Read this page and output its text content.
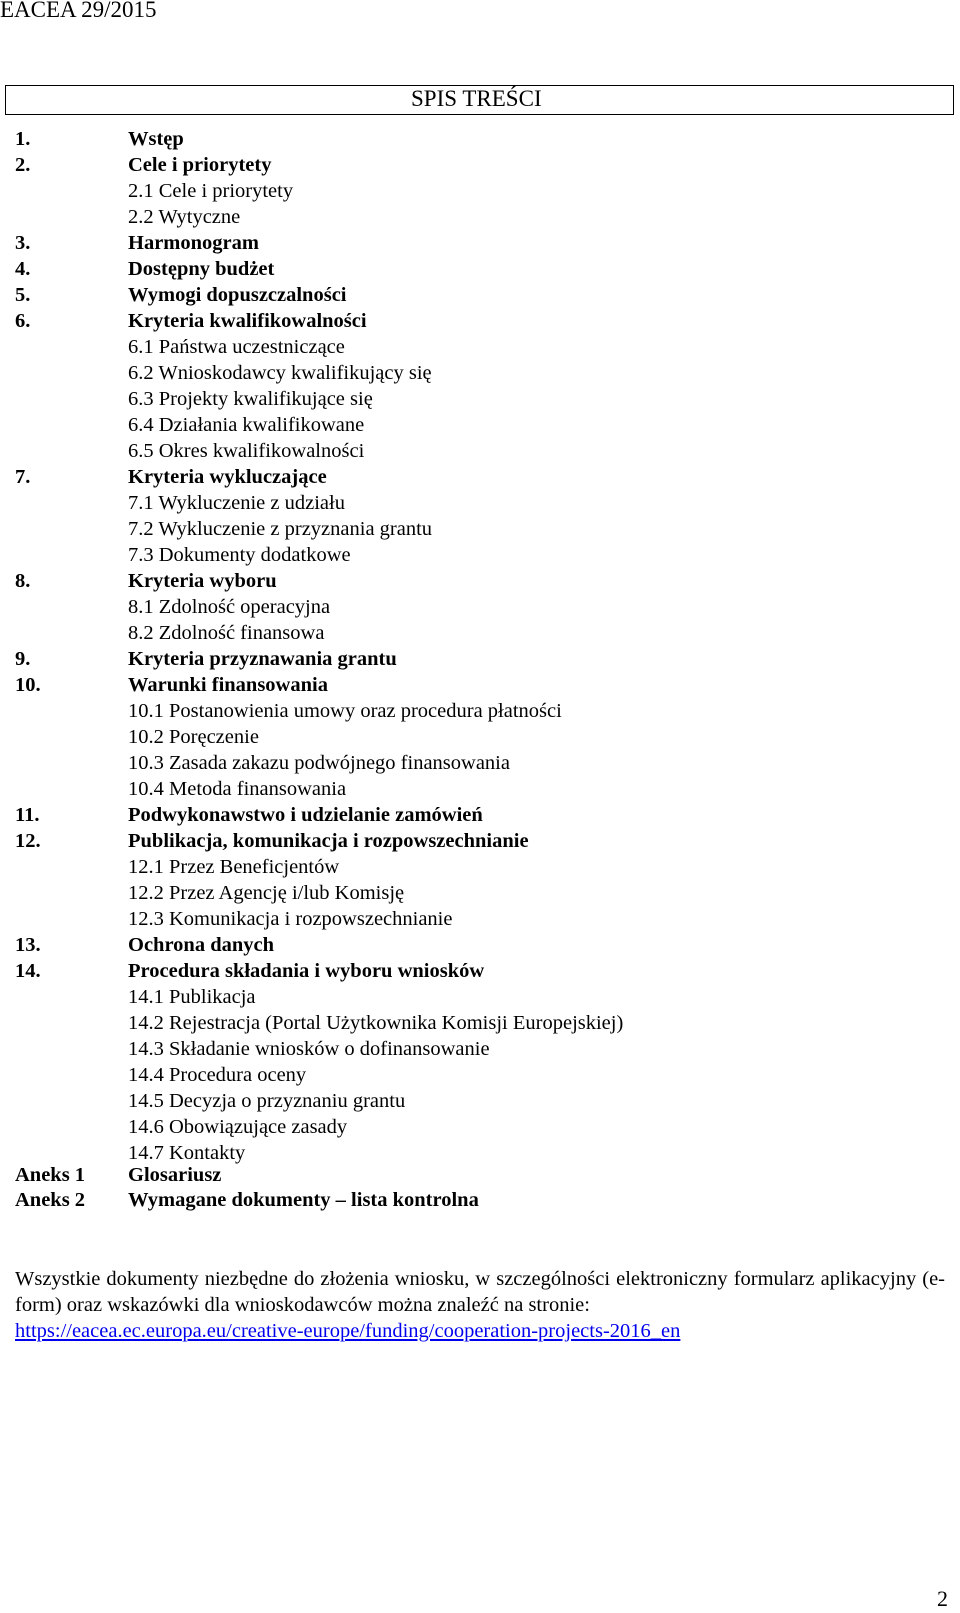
EACEA 29/2015
SPIS TREŚCI
1.	Wstęp
2.	Cele i priorytety
2.1 Cele i priorytety
2.2 Wytyczne
3.	Harmonogram
4.	Dostępny budżet
5.	Wymogi dopuszczalności
6.	Kryteria kwalifikowalności
6.1 Państwa uczestniczące
6.2 Wnioskodawcy kwalifikujący się
6.3 Projekty kwalifikujące się
6.4 Działania kwalifikowane
6.5 Okres kwalifikowalności
7.	Kryteria wykluczające
7.1 Wykluczenie z udziału
7.2 Wykluczenie z przyznania grantu
7.3 Dokumenty dodatkowe
8.	Kryteria wyboru
8.1 Zdolność operacyjna
8.2 Zdolność finansowa
9.	Kryteria przyznawania grantu
10.	Warunki finansowania
10.1 Postanowienia umowy oraz procedura płatności
10.2 Poręczenie
10.3 Zasada zakazu podwójnego finansowania
10.4 Metoda finansowania
11.	Podwykonawstwo i udzielanie zamówień
12.	Publikacja, komunikacja i rozpowszechnianie
12.1 Przez Beneficjentów
12.2 Przez Agencję i/lub Komisję
12.3 Komunikacja i rozpowszechnianie
13.	Ochrona danych
14.	Procedura składania i wyboru wniosków
14.1 Publikacja
14.2 Rejestracja (Portal Użytkownika Komisji Europejskiej)
14.3 Składanie wniosków o dofinansowanie
14.4 Procedura oceny
14.5 Decyzja o przyznaniu grantu
14.6 Obowiązujące zasady
14.7 Kontakty
Aneks 1 Glosariusz
Aneks 2 Wymagane dokumenty – lista kontrolna
Wszystkie dokumenty niezbędne do złożenia wniosku, w szczególności elektroniczny formularz aplikacyjny (e-form) oraz wskazówki dla wnioskodawców można znaleźć na stronie:
https://eacea.ec.europa.eu/creative-europe/funding/cooperation-projects-2016_en
2
